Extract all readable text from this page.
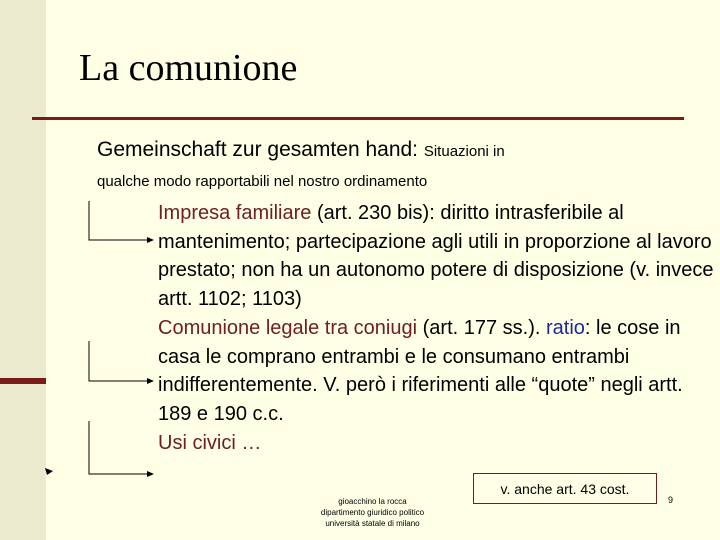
La comunione
Gemeinschaft zur gesamten hand: Situazioni in
qualche modo rapportabili nel nostro ordinamento

Impresa familiare (art. 230 bis): diritto intrasferibile al mantenimento; partecipazione agli utili in proporzione al lavoro prestato; non ha un autonomo potere di disposizione (v. invece artt. 1102; 1103)

Comunione legale tra coniugi (art. 177 ss.). ratio: le cose in casa le comprano entrambi e le consumano entrambi indifferentemente. V. però i riferimenti alle “quote” negli artt. 189 e 190 c.c.

Usi civici …

v. anche art. 43 cost.
gioacchino la rocca
dipartimento giuridico politico
università statale di milano
9
